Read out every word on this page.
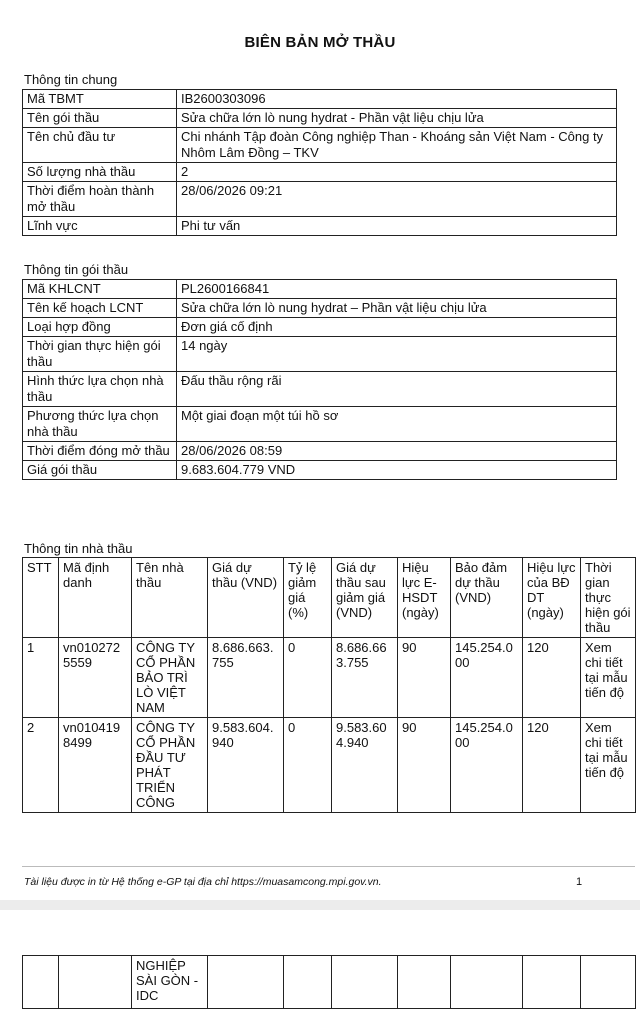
BIÊN BẢN MỞ THẦU
Thông tin chung
Mã TBMT	IB2600303096
Tên gói thầu	Sửa chữa lớn lò nung hydrat - Phần vật liệu chịu lửa
Tên chủ đầu tư	Chi nhánh Tập đoàn Công nghiệp Than - Khoáng sản Việt Nam - Công ty Nhôm Lâm Đồng – TKV
Số lượng nhà thầu	2
Thời điểm hoàn thành mở thầu	28/06/2026 09:21
Lĩnh vực	Phi tư vấn
Thông tin gói thầu
Mã KHLCNT	PL2600166841
Tên kế hoạch LCNT	Sửa chữa lớn lò nung hydrat – Phần vật liệu chịu lửa
Loại hợp đồng	Đơn giá cố định
Thời gian thực hiện gói thầu	14 ngày
Hình thức lựa chọn nhà thầu	Đấu thầu rộng rãi
Phương thức lựa chọn nhà thầu	Một giai đoạn một túi hồ sơ
Thời điểm đóng mở thầu	28/06/2026 08:59
Giá gói thầu	9.683.604.779 VND
Thông tin nhà thầu
STT	Mã định danh	Tên nhà thầu	Giá dự thầu (VND)	Tỷ lệ giảm giá (%)	Giá dự thầu sau giảm giá (VND)	Hiệu lực E-HSDT (ngày)	Bảo đảm dự thầu (VND)	Hiệu lực của BĐ DT (ngày)	Thời gian thực hiện gói thầu
1	vn0102725559	CÔNG TY CỔ PHẦN BẢO TRÌ LÒ VIỆT NAM	8.686.663.755	0	8.686.663.755	90	145.254.000	120	Xem chi tiết tại mẫu tiến độ
2	vn0104198499	CÔNG TY CỔ PHẦN ĐẦU TƯ PHÁT TRIỂN CÔNG	9.583.604.940	0	9.583.604.940	90	145.254.000	120	Xem chi tiết tại mẫu tiến độ
Tài liệu được in từ Hệ thống e-GP tại địa chỉ https://muasamcong.mpi.gov.vn.	1
		NGHIỆP SÀI GÒN - IDC							
